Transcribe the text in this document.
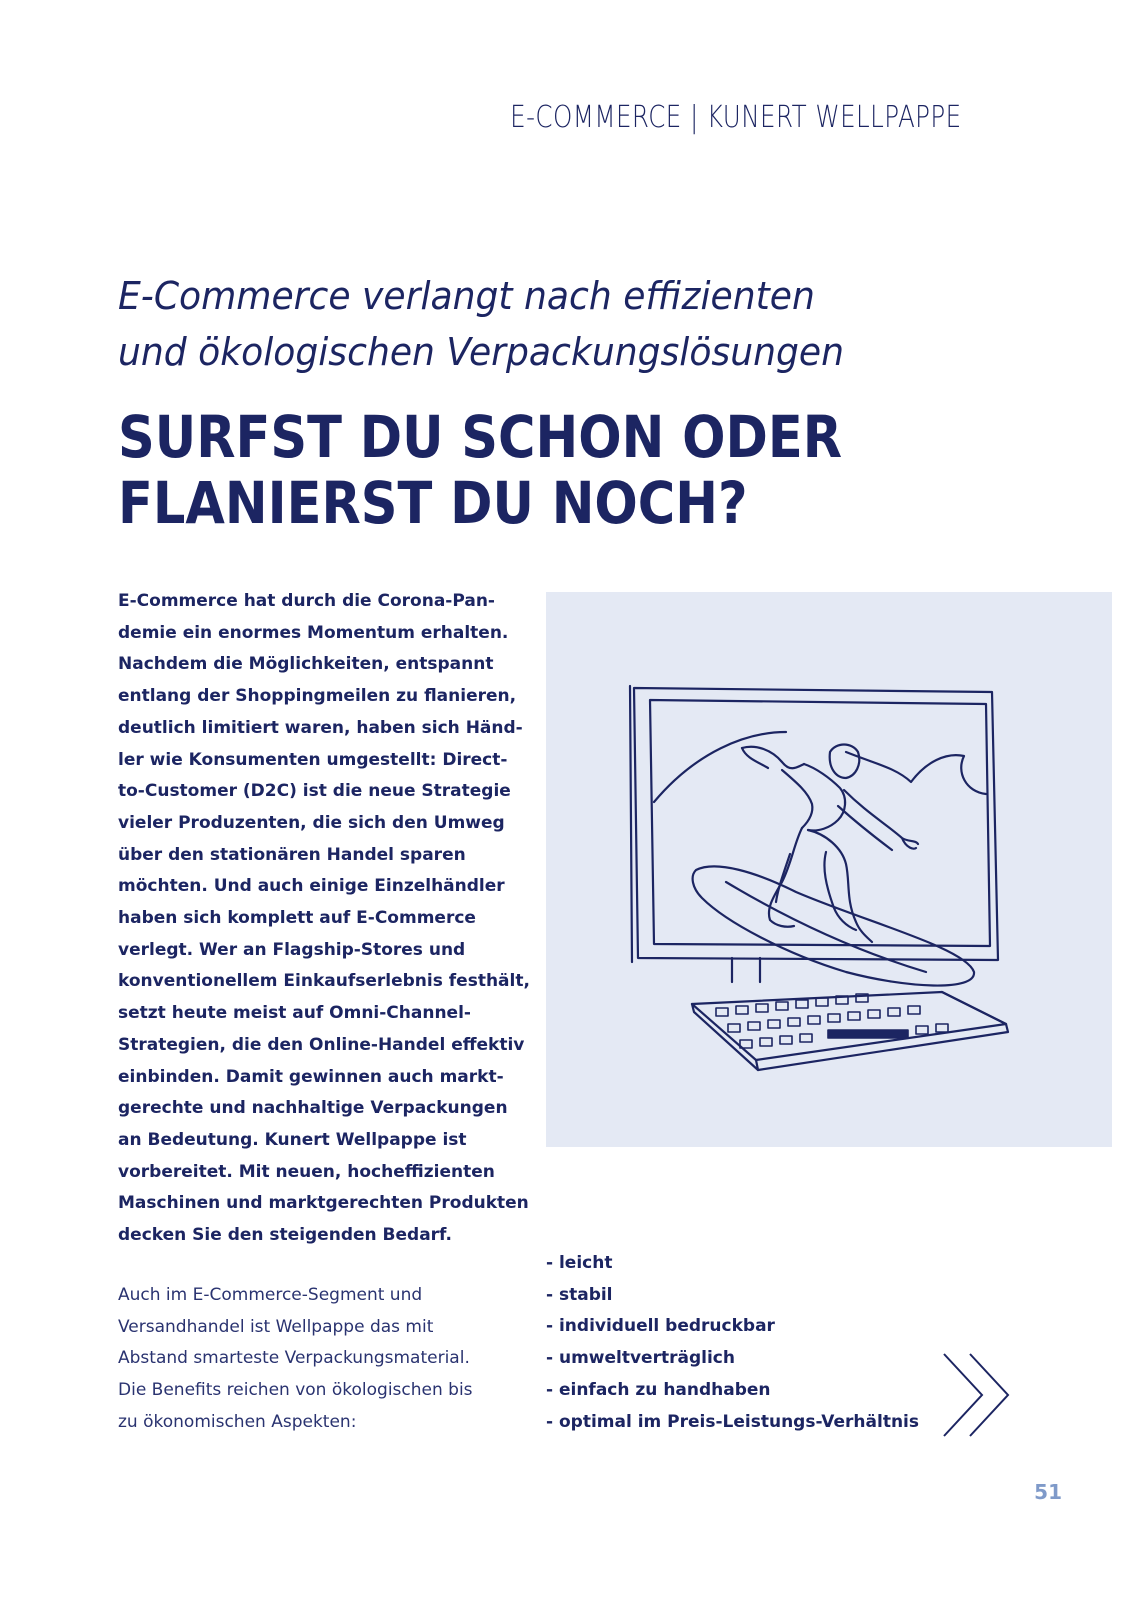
E-COMMERCE | KUNERT WELLPAPPE
E-Commerce verlangt nach effizienten
und ökologischen Verpackungslösungen
SURFST DU SCHON ODER
FLANIERST DU NOCH?
E-Commerce hat durch die Corona-Pan-
demie ein enormes Momentum erhalten.
Nachdem die Möglichkeiten, entspannt
entlang der Shoppingmeilen zu flanieren,
deutlich limitiert waren, haben sich Händ-
ler wie Konsumenten umgestellt: Direct-
to-Customer (D2C) ist die neue Strategie
vieler Produzenten, die sich den Umweg
über den stationären Handel sparen
möchten. Und auch einige Einzelhändler
haben sich komplett auf E-Commerce
verlegt. Wer an Flagship-Stores und
konventionellem Einkaufserlebnis festhält,
setzt heute meist auf Omni-Channel-
Strategien, die den Online-Handel effektiv
einbinden. Damit gewinnen auch markt-
gerechte und nachhaltige Verpackungen
an Bedeutung. Kunert Wellpappe ist
vorbereitet. Mit neuen, hocheffizienten
Maschinen und marktgerechten Produkten
decken Sie den steigenden Bedarf.
Auch im E-Commerce-Segment und
Versandhandel ist Wellpappe das mit
Abstand smarteste Verpackungsmaterial.
Die Benefits reichen von ökologischen bis
zu ökonomischen Aspekten:
- leicht
- stabil
- individuell bedruckbar
- umweltverträglich
- einfach zu handhaben
- optimal im Preis-Leistungs-Verhältnis
51
